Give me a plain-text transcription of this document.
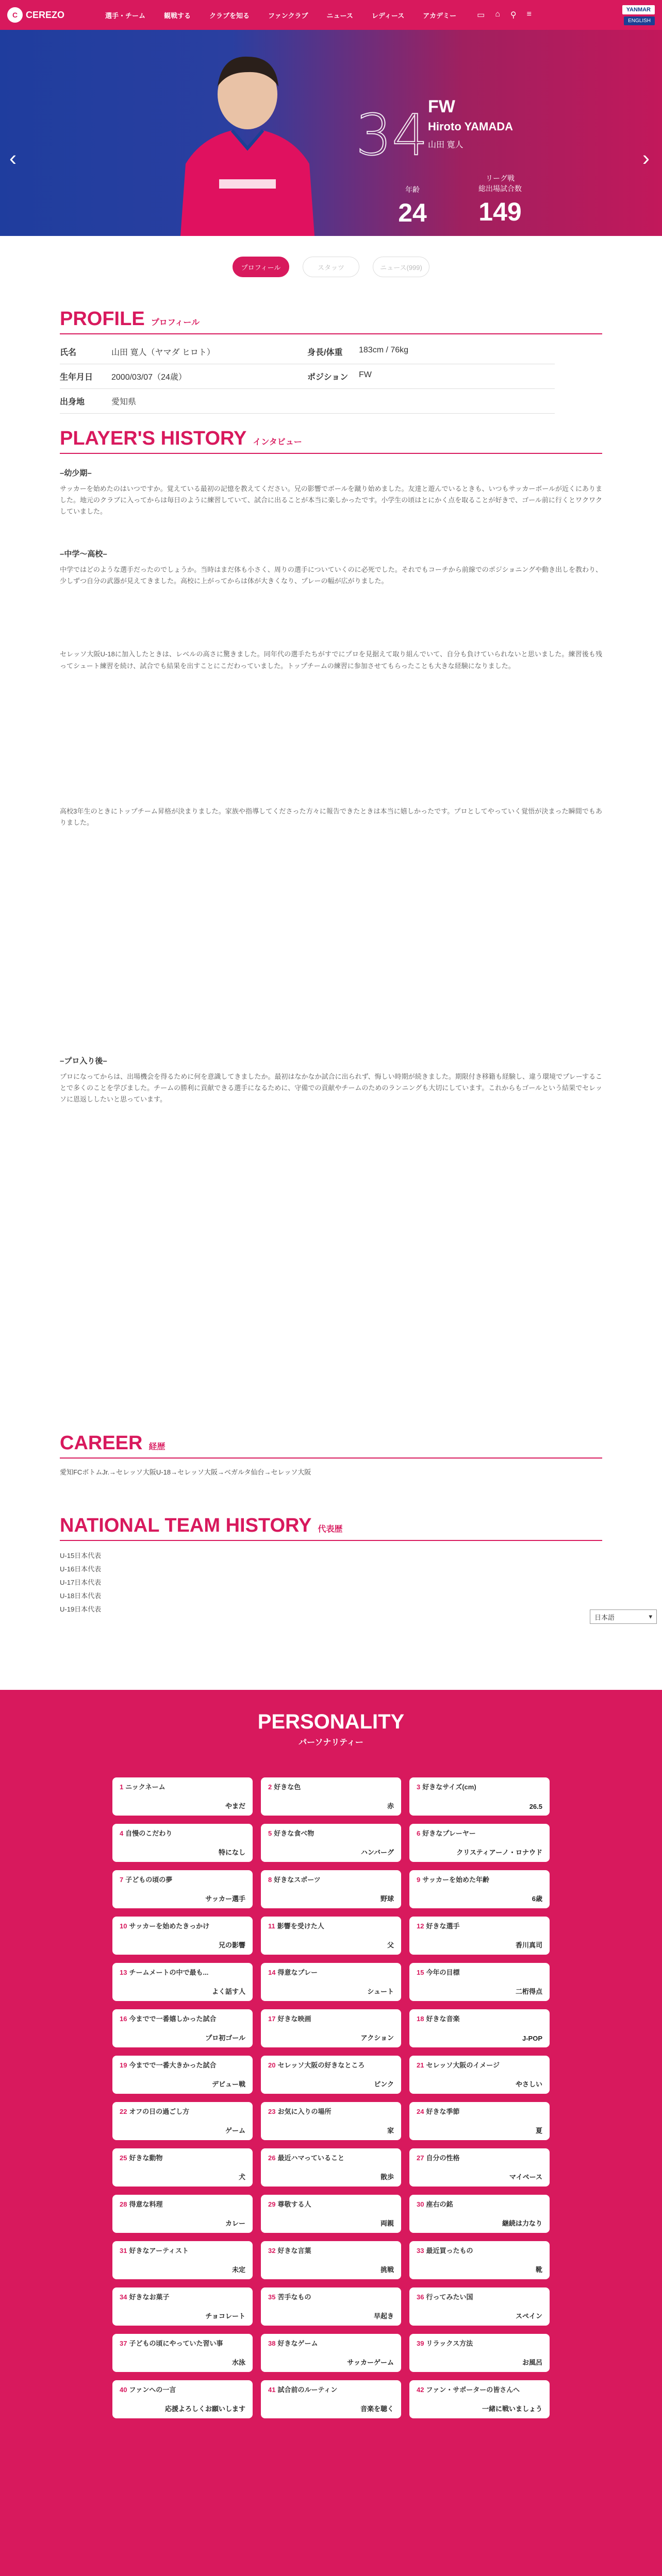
C CEREZO	選手・チーム	観戦する	クラブを知る	ファンクラブ	ニュース	レディース	アカデミー	▭ ⌂ ⚲ ≡
YANMAR
ENGLISH
34 FW
Hiroto YAMADA
山田 寛人
年齢
24
リーグ戦
総出場試合数
149
‹	›
プロフィール	スタッツ	ニュース(999)
PROFILE プロフィール
氏名	山田 寛人（ヤマダ ヒロト）	身長/体重	183cm / 76kg
生年月日	2000/03/07（24歳）	ポジション	FW
出身地	愛知県
PLAYER'S HISTORY インタビュー
–幼少期–

サッカーを始めたのはいつですか。覚えている最初の記憶を教えてください。兄の影響でボールを蹴り始めました。友達と遊んでいるときも、いつもサッカーボールが近くにありました。地元のクラブに入ってからは毎日のように練習していて、試合に出ることが本当に楽しかったです。小学生の頃はとにかく点を取ることが好きで、ゴール前に行くとワクワクしていました。

–中学〜高校–

中学ではどのような選手だったのでしょうか。当時はまだ体も小さく、周りの選手についていくのに必死でした。それでもコーチから前線でのポジショニングや動き出しを教わり、少しずつ自分の武器が見えてきました。高校に上がってからは体が大きくなり、プレーの幅が広がりました。

セレッソ大阪U-18に加入したときは、レベルの高さに驚きました。同年代の選手たちがすでにプロを見据えて取り組んでいて、自分も負けていられないと思いました。練習後も残ってシュート練習を続け、試合でも結果を出すことにこだわっていました。トップチームの練習に参加させてもらったことも大きな経験になりました。

高校3年生のときにトップチーム昇格が決まりました。家族や指導してくださった方々に報告できたときは本当に嬉しかったです。プロとしてやっていく覚悟が決まった瞬間でもありました。

–プロ入り後–

プロになってからは、出場機会を得るために何を意識してきましたか。最初はなかなか試合に出られず、悔しい時期が続きました。期限付き移籍も経験し、違う環境でプレーすることで多くのことを学びました。チームの勝利に貢献できる選手になるために、守備での貢献やチームのためのランニングも大切にしています。これからもゴールという結果でセレッソに恩返ししたいと思っています。

CAREER 経歴
愛知FCボトムJr.→セレッソ大阪U-18→セレッソ大阪→ベガルタ仙台→セレッソ大阪
NATIONAL TEAM HISTORY 代表歴
U-15日本代表
U-16日本代表
U-17日本代表
U-18日本代表
U-19日本代表
日本語	▾
PERSONALITY
パーソナリティー
1 ニックネーム
やまだ
2 好きな色
赤
3 好きなサイズ(cm)
26.5
4 自慢のこだわり
特になし
5 好きな食べ物
ハンバーグ
6 好きなプレーヤー
クリスティアーノ・ロナウド
7 子どもの頃の夢
サッカー選手
8 好きなスポーツ
野球
9 サッカーを始めた年齢
6歳
10 サッカーを始めたきっかけ
兄の影響
11 影響を受けた人
父
12 好きな選手
香川真司
13 チームメートの中で最も...
よく話す人
14 得意なプレー
シュート
15 今年の目標
二桁得点
16 今までで一番嬉しかった試合
プロ初ゴール
17 好きな映画
アクション
18 好きな音楽
J-POP
19 今までで一番大きかった試合
デビュー戦
20 セレッソ大阪の好きなところ
ピンク
21 セレッソ大阪のイメージ
やさしい
22 オフの日の過ごし方
ゲーム
23 お気に入りの場所
家
24 好きな季節
夏
25 好きな動物
犬
26 最近ハマっていること
散歩
27 自分の性格
マイペース
28 得意な料理
カレー
29 尊敬する人
両親
30 座右の銘
継続は力なり
31 好きなアーティスト
未定
32 好きな言葉
挑戦
33 最近買ったもの
靴
34 好きなお菓子
チョコレート
35 苦手なもの
早起き
36 行ってみたい国
スペイン
37 子どもの頃にやっていた習い事
水泳
38 好きなゲーム
サッカーゲーム
39 リラックス方法
お風呂
40 ファンへの一言
応援よろしくお願いします
41 試合前のルーティン
音楽を聴く
42 ファン・サポーターの皆さんへ
一緒に戦いましょう
